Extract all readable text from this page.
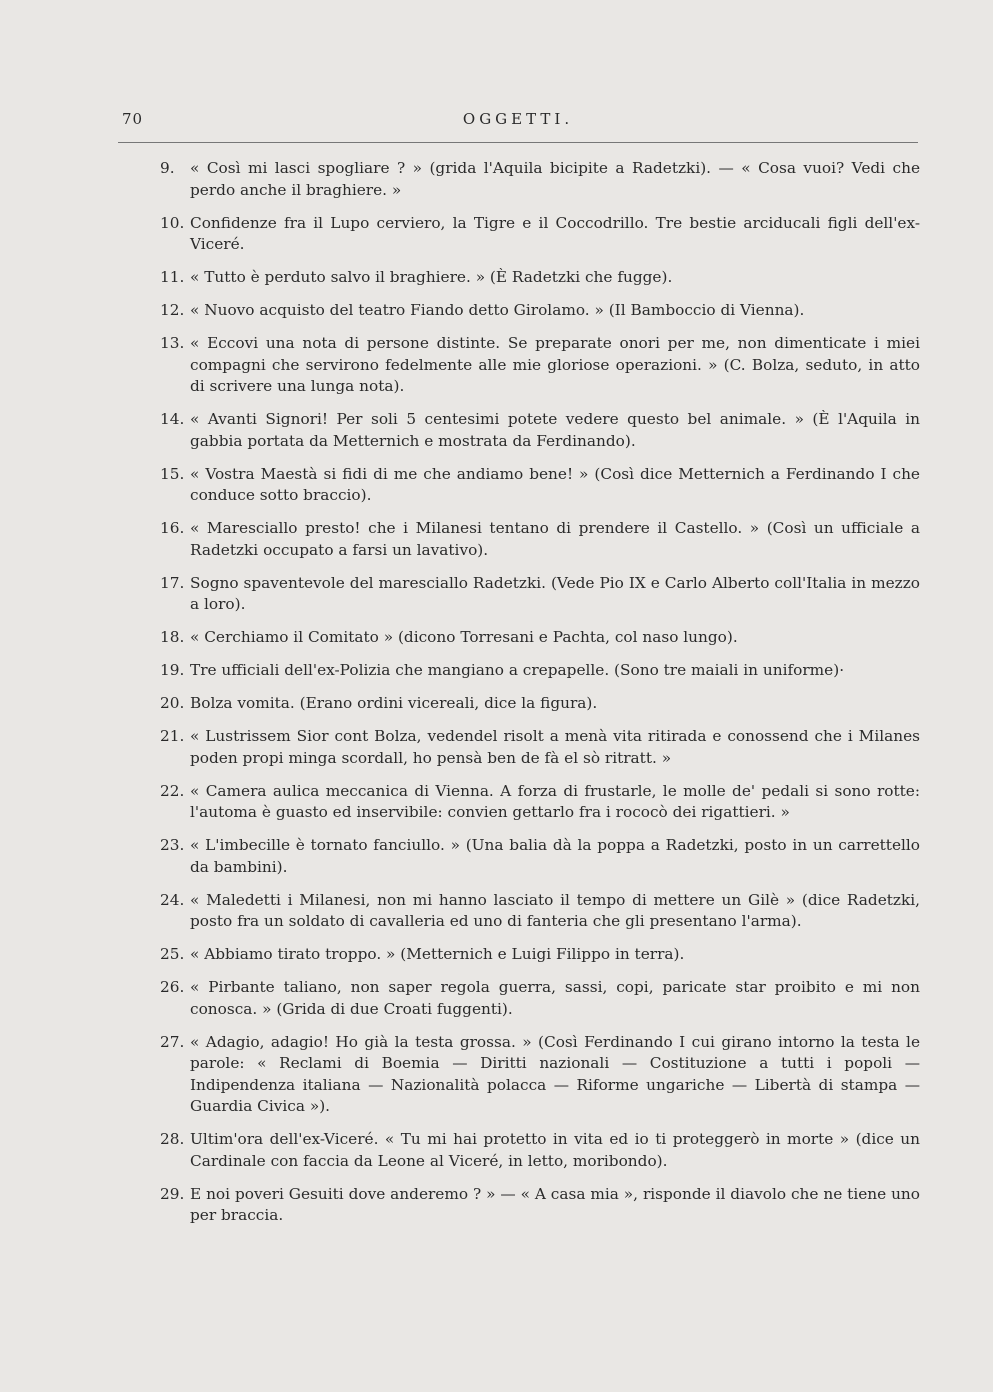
70	OGGETTI.
9. « Così mi lasci spogliare ? » (grida l'Aquila bicipite a Radetzki). — « Cosa vuoi? Vedi che perdo anche il braghiere. »
10. Confidenze fra il Lupo cerviero, la Tigre e il Coccodrillo. Tre bestie arciducali figli dell'ex-Viceré.
11. « Tutto è perduto salvo il braghiere. » (È Radetzki che fugge).
12. « Nuovo acquisto del teatro Fiando detto Girolamo. » (Il Bamboccio di Vienna).
13. « Eccovi una nota di persone distinte. Se preparate onori per me, non dimenticate i miei compagni che servirono fedelmente alle mie gloriose operazioni. » (C. Bolza, seduto, in atto di scrivere una lunga nota).
14. « Avanti Signori! Per soli 5 centesimi potete vedere questo bel animale. » (È l'Aquila in gabbia portata da Metternich e mostrata da Ferdinando).
15. « Vostra Maestà si fidi di me che andiamo bene! » (Così dice Metternich a Ferdinando I che conduce sotto braccio).
16. « Maresciallo presto! che i Milanesi tentano di prendere il Castello. » (Così un ufficiale a Radetzki occupato a farsi un lavativo).
17. Sogno spaventevole del maresciallo Radetzki. (Vede Pio IX e Carlo Alberto coll'Italia in mezzo a loro).
18. « Cerchiamo il Comitato » (dicono Torresani e Pachta, col naso lungo).
19. Tre ufficiali dell'ex-Polizia che mangiano a crepapelle. (Sono tre maiali in uniforme)·
20. Bolza vomita. (Erano ordini vicereali, dice la figura).
21. « Lustrissem Sior cont Bolza, vedendel risolt a menà vita ritirada e conossend che i Milanes poden propi minga scordall, ho pensà ben de fà el sò ritratt. »
22. « Camera aulica meccanica di Vienna. A forza di frustarle, le molle de' pedali si sono rotte: l'automa è guasto ed inservibile: convien gettarlo fra i rococò dei rigattieri. »
23. « L'imbecille è tornato fanciullo. » (Una balia dà la poppa a Radetzki, posto in un carrettello da bambini).
24. « Maledetti i Milanesi, non mi hanno lasciato il tempo di mettere un Gilè » (dice Radetzki, posto fra un soldato di cavalleria ed uno di fanteria che gli presentano l'arma).
25. « Abbiamo tirato troppo. » (Metternich e Luigi Filippo in terra).
26. « Pirbante taliano, non saper regola guerra, sassi, copi, paricate star proibito e mi non conosca. » (Grida di due Croati fuggenti).
27. « Adagio, adagio! Ho già la testa grossa. » (Così Ferdinando I cui girano intorno la testa le parole: « Reclami di Boemia — Diritti nazionali — Costituzione a tutti i popoli — Indipendenza italiana — Nazionalità polacca — Riforme ungariche — Libertà di stampa — Guardia Civica »).
28. Ultim'ora dell'ex-Viceré. « Tu mi hai protetto in vita ed io ti proteggerò in morte » (dice un Cardinale con faccia da Leone al Viceré, in letto, moribondo).
29. E noi poveri Gesuiti dove anderemo ? » — « A casa mia », risponde il diavolo che ne tiene uno per braccia.
